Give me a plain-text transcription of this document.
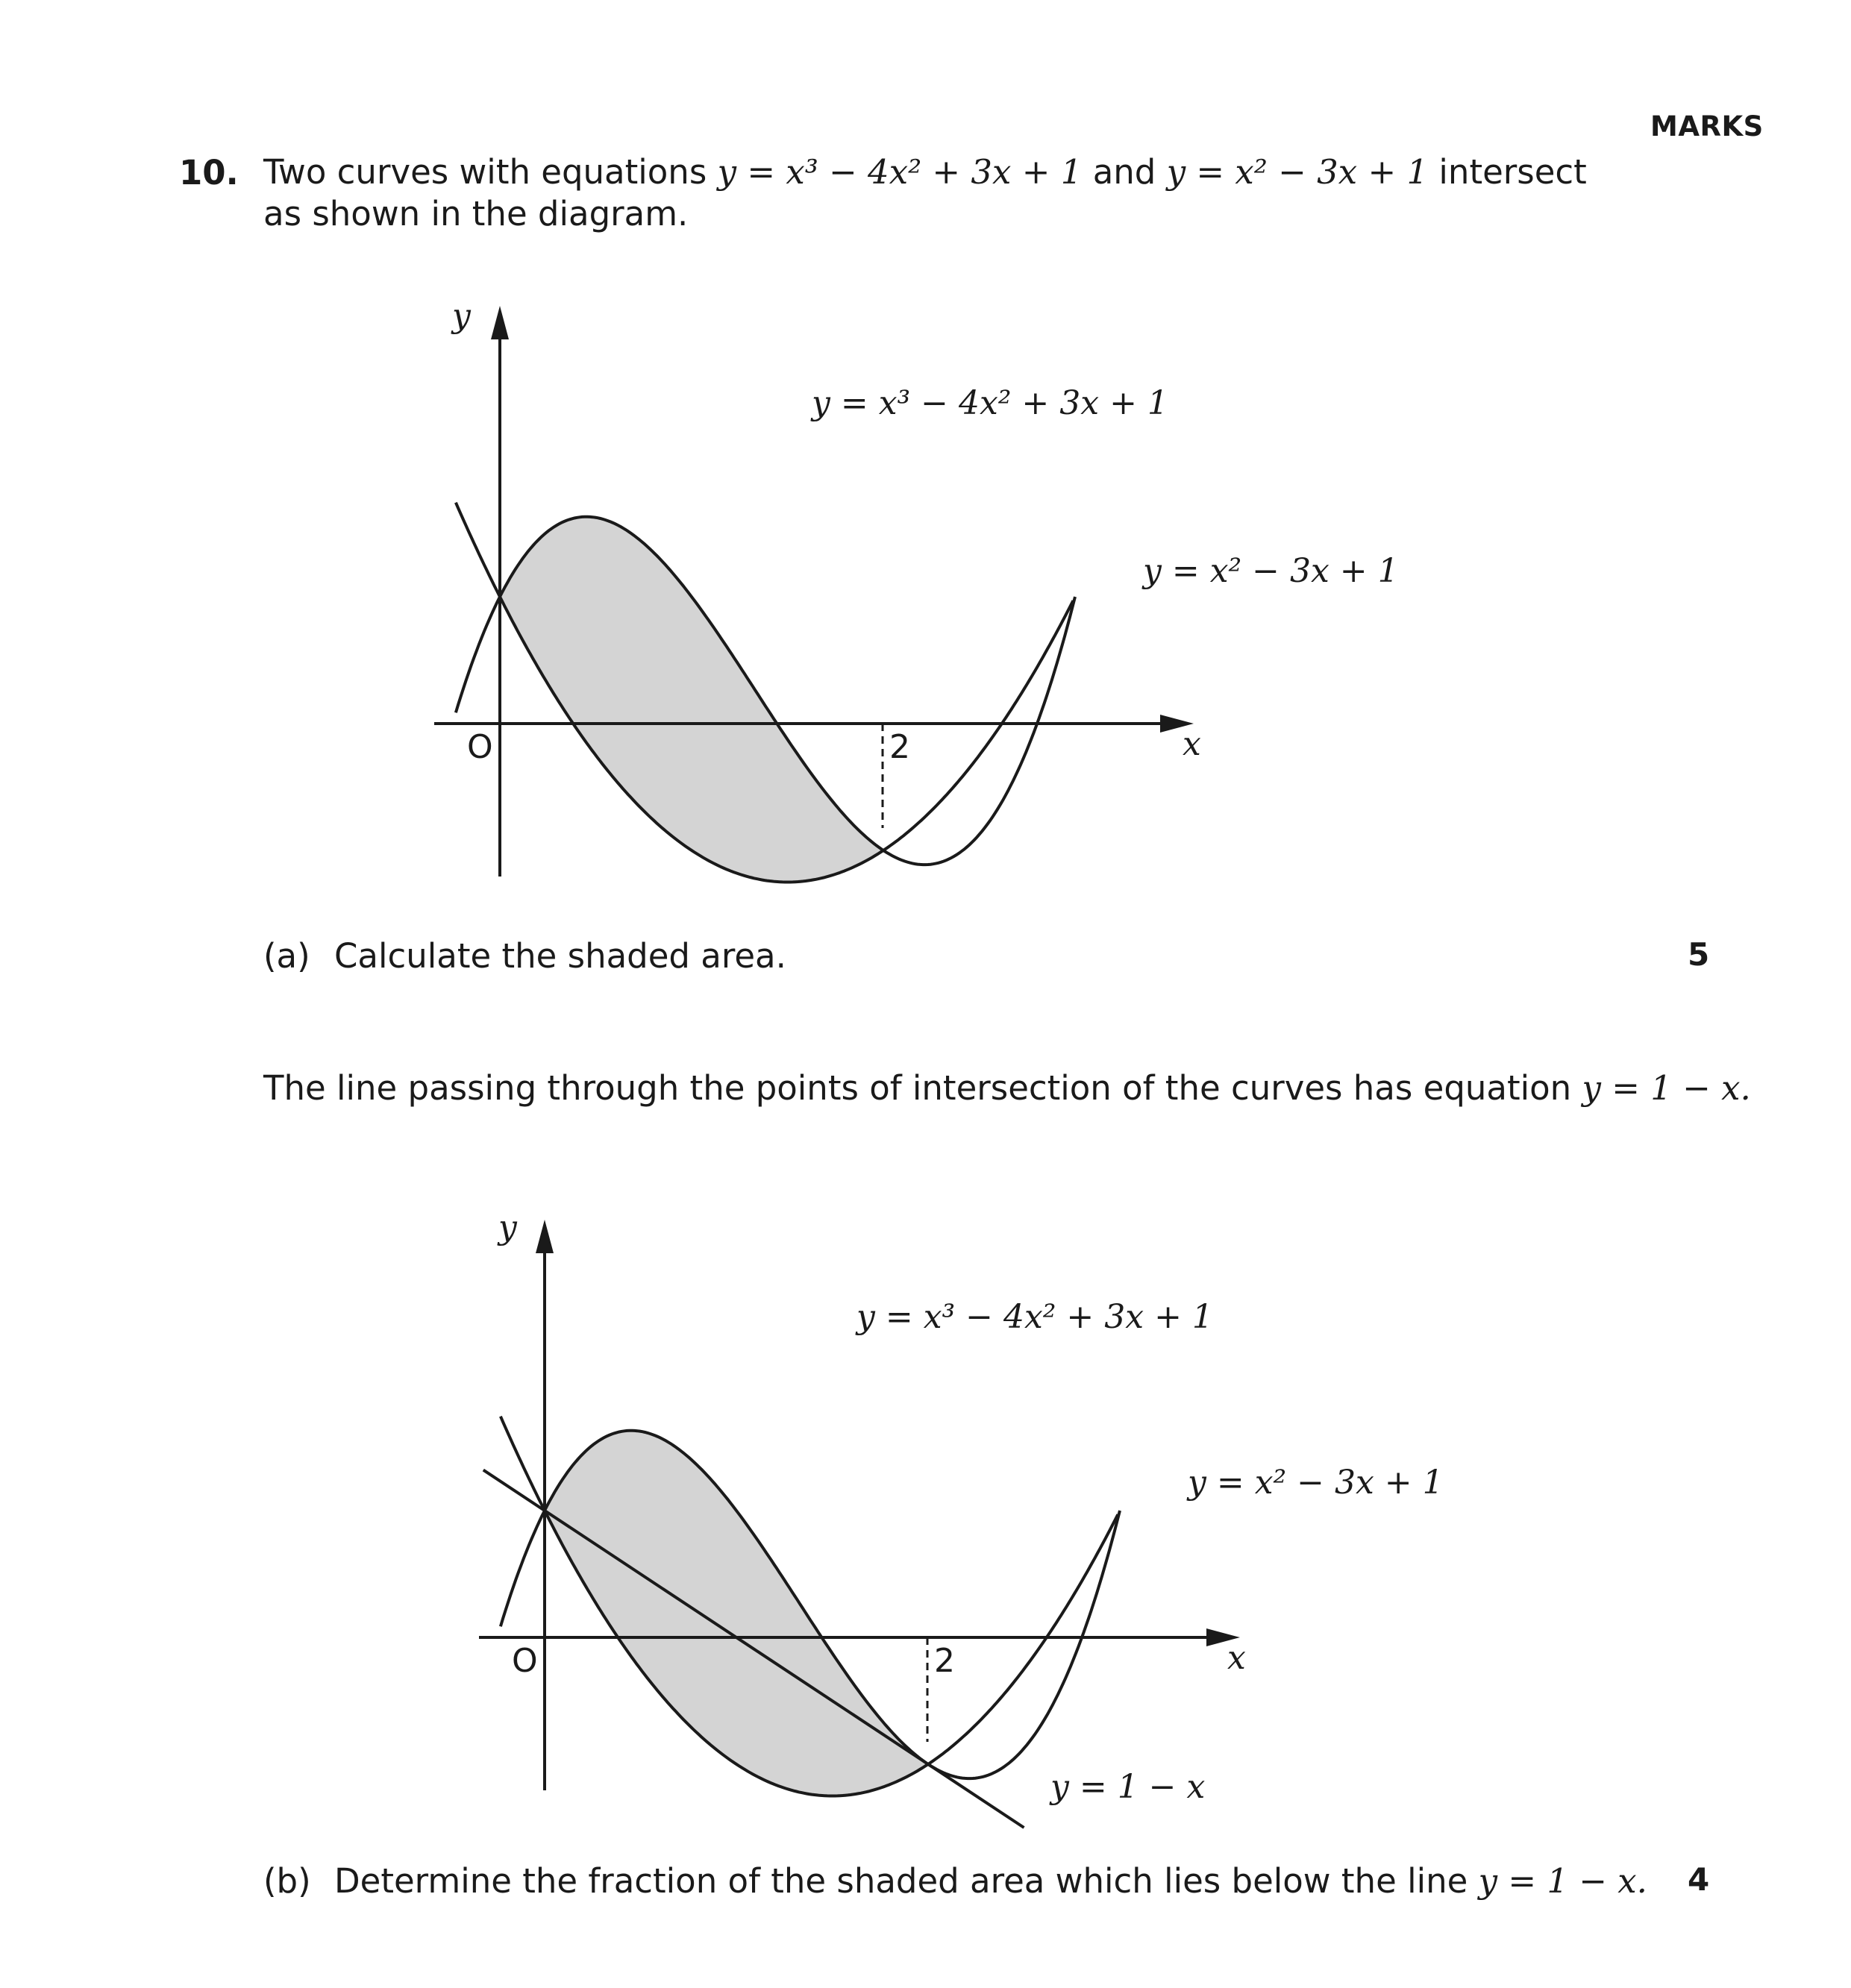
MARKS
10. Two curves with equations y = x³ − 4x² + 3x + 1 and y = x² − 3x + 1 intersect as shown in the diagram.
y
x
O	2
y = x³ − 4x² + 3x + 1
y = x² − 3x + 1
(a) Calculate the shaded area.	5
The line passing through the points of intersection of the curves has equation y = 1 − x.
y
x
O	2
y = x³ − 4x² + 3x + 1
y = x² − 3x + 1
y = 1 − x
(b) Determine the fraction of the shaded area which lies below the line y = 1 − x. 4
